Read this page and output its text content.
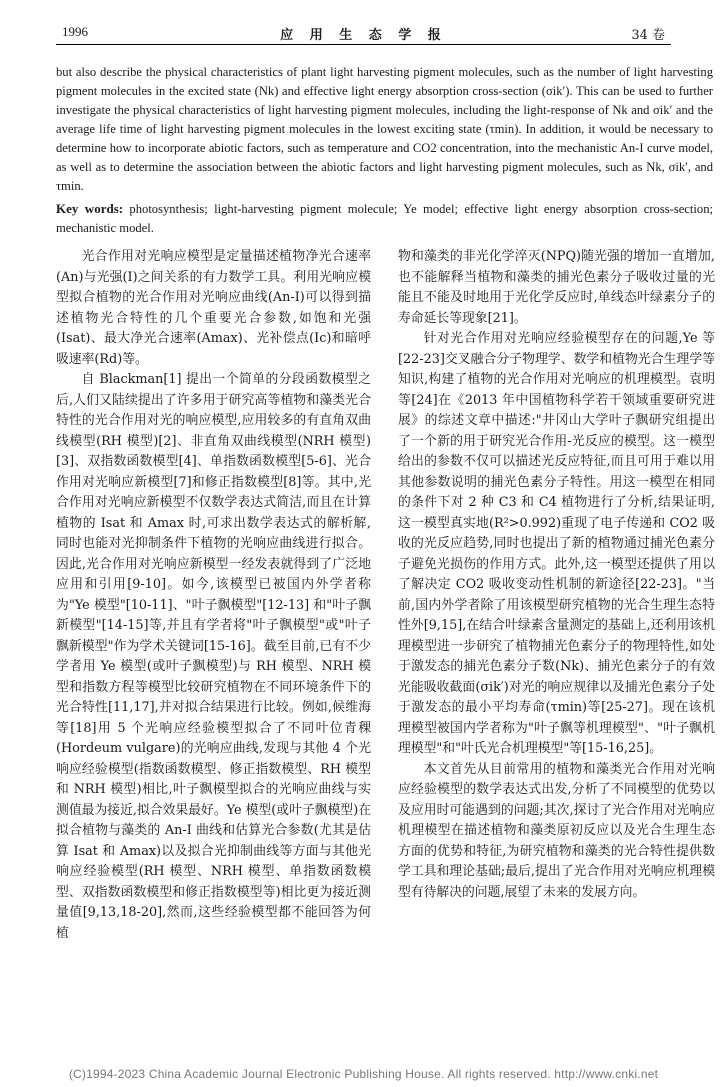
1996	应 用 生 态 学 报	34 卷

but also describe the physical characteristics of plant light harvesting pigment molecules, such as the number of light harvesting pigment molecules in the excited state (Nk) and effective light energy absorption cross-section (σik′). This can be used to further investigate the physical characteristics of light harvesting pigment molecules, including the light-response of Nk and σik′ and the average life time of light harvesting pigment molecules in the lowest exciting state (τmin). In addition, it would be necessary to determine how to incorporate abiotic factors, such as temperature and CO2 concentration, into the mechanistic An-I curve model, as well as to determine the association between the abiotic factors and light harvesting pigment molecules, such as Nk, σik′, and τmin.

Key words: photosynthesis; light-harvesting pigment molecule; Ye model; effective light energy absorption cross-section; mechanistic model.

光合作用对光响应模型是定量描述植物净光合速率(An)与光强(I)之间关系的有力数学工具。利用光响应模型拟合植物的光合作用对光响应曲线(An-I)可以得到描述植物光合特性的几个重要光合参数,如饱和光强(Isat)、最大净光合速率(Amax)、光补偿点(Ic)和暗呼吸速率(Rd)等。

自 Blackman[1] 提出一个简单的分段函数模型之后,人们又陆续提出了许多用于研究高等植物和藻类光合特性的光合作用对光的响应模型,应用较多的有直角双曲线模型(RH 模型)[2]、非直角双曲线模型(NRH 模型)[3]、双指数函数模型[4]、单指数函数模型[5-6]、光合作用对光响应新模型[7]和修正指数模型[8]等。其中,光合作用对光响应新模型不仅数学表达式简洁,而且在计算植物的 Isat 和 Amax 时,可求出数学表达式的解析解,同时也能对光抑制条件下植物的光响应曲线进行拟合。因此,光合作用对光响应新模型一经发表就得到了广泛地应用和引用[9-10]。如今,该模型已被国内外学者称为"Ye 模型"[10-11]、"叶子飘模型"[12-13] 和"叶子飘新模型"[14-15]等,并且有学者将"叶子飘模型"或"叶子飘新模型"作为学术关键词[15-16]。截至目前,已有不少学者用 Ye 模型(或叶子飘模型)与 RH 模型、NRH 模型和指数方程等模型比较研究植物在不同环境条件下的光合特性[11,17],并对拟合结果进行比较。例如,候维海等[18]用 5 个光响应经验模型拟合了不同叶位青稞(Hordeum vulgare)的光响应曲线,发现与其他 4 个光响应经验模型(指数函数模型、修正指数模型、RH 模型和 NRH 模型)相比,叶子飘模型拟合的光响应曲线与实测值最为接近,拟合效果最好。Ye 模型(或叶子飘模型)在拟合植物与藻类的 An-I 曲线和估算光合参数(尤其是估算 Isat 和 Amax)以及拟合光抑制曲线等方面与其他光响应经验模型(RH 模型、NRH 模型、单指数函数模型、双指数函数模型和修正指数模型等)相比更为接近测量值[9,13,18-20],然而,这些经验模型都不能回答为何植

物和藻类的非光化学淬灭(NPQ)随光强的增加一直增加,也不能解释当植物和藻类的捕光色素分子吸收过量的光能且不能及时地用于光化学反应时,单线态叶绿素分子的寿命延长等现象[21]。

针对光合作用对光响应经验模型存在的问题,Ye 等[22-23]交叉融合分子物理学、数学和植物光合生理学等知识,构建了植物的光合作用对光响应的机理模型。袁明等[24]在《2013 年中国植物科学若干领域重要研究进展》的综述文章中描述:"井冈山大学叶子飘研究组提出了一个新的用于研究光合作用-光反应的模型。这一模型给出的参数不仅可以描述光反应特征,而且可用于难以用其他参数说明的捕光色素分子特性。用这一模型在相同的条件下对 2 种 C3 和 C4 植物进行了分析,结果证明,这一模型真实地(R²>0.992)重现了电子传递和 CO2 吸收的光反应趋势,同时也提出了新的植物通过捕光色素分子避免光损伤的作用方式。此外,这一模型还提供了用以了解决定 CO2 吸收变动性机制的新途径[22-23]。"当前,国内外学者除了用该模型研究植物的光合生理生态特性外[9,15],在结合叶绿素含量测定的基础上,还利用该机理模型进一步研究了植物捕光色素分子的物理特性,如处于激发态的捕光色素分子数(Nk)、捕光色素分子的有效光能吸收截面(σik′)对光的响应规律以及捕光色素分子处于激发态的最小平均寿命(τmin)等[25-27]。现在该机理模型被国内学者称为"叶子飘等机理模型"、"叶子飘机理模型"和"叶氏光合机理模型"等[15-16,25]。

本文首先从目前常用的植物和藻类光合作用对光响应经验模型的数学表达式出发,分析了不同模型的优势以及应用时可能遇到的问题;其次,探讨了光合作用对光响应机理模型在描述植物和藻类原初反应以及光合生理生态方面的优势和特征,为研究植物和藻类的光合特性提供数学工具和理论基础;最后,提出了光合作用对光响应机理模型有待解决的问题,展望了未来的发展方向。

(C)1994-2023 China Academic Journal Electronic Publishing House. All rights reserved. http://www.cnki.net
